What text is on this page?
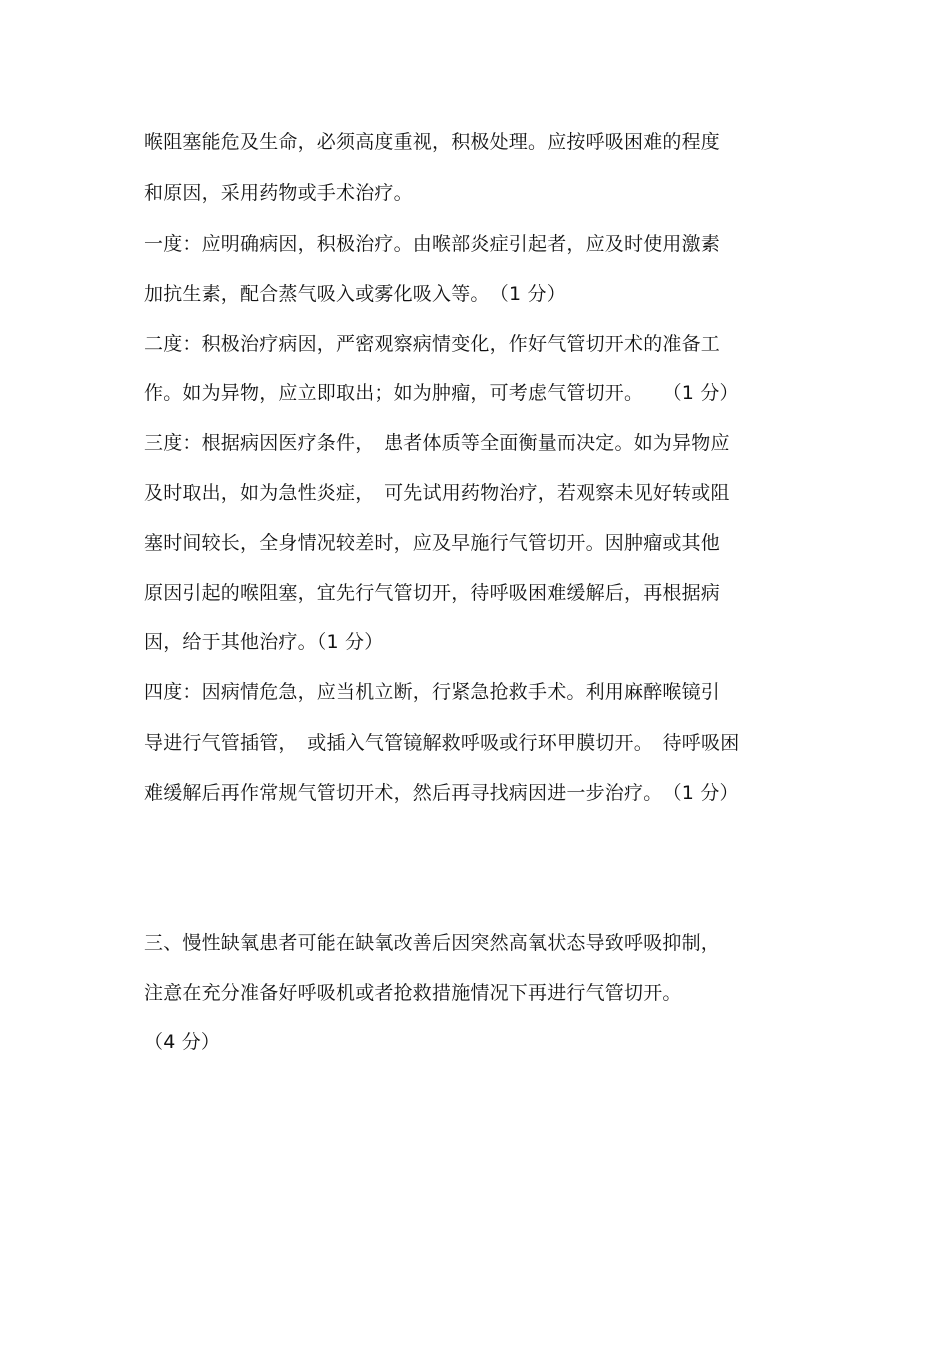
喉阻塞能危及生命，必须高度重视，积极处理。应按呼吸困难的程度
和原因，采用药物或手术治疗。
一度：应明确病因，积极治疗。由喉部炎症引起者，应及时使用激素
加抗生素，配合蒸气吸入或雾化吸入等。　（1 分）
二度：积极治疗病因，严密观察病情变化，作好气管切开术的准备工
作。如为异物，应立即取出；如为肿瘤，可考虑气管切开。　　（1 分）
三度：根据病因医疗条件，　患者体质等全面衡量而决定。如为异物应
及时取出，如为急性炎症，　可先试用药物治疗，若观察未见好转或阻
塞时间较长，全身情况较差时，应及早施行气管切开。因肿瘤或其他
原因引起的喉阻塞，宜先行气管切开，待呼吸困难缓解后，再根据病
因，给于其他治疗。（1 分）
四度：因病情危急，应当机立断，行紧急抢救手术。利用麻醉喉镜引
导进行气管插管，　或插入气管镜解救呼吸或行环甲膜切开。　待呼吸困
难缓解后再作常规气管切开术，然后再寻找病因进一步治疗。　（1 分）
三、慢性缺氧患者可能在缺氧改善后因突然高氧状态导致呼吸抑制，
注意在充分准备好呼吸机或者抢救措施情况下再进行气管切开。
（4 分）
